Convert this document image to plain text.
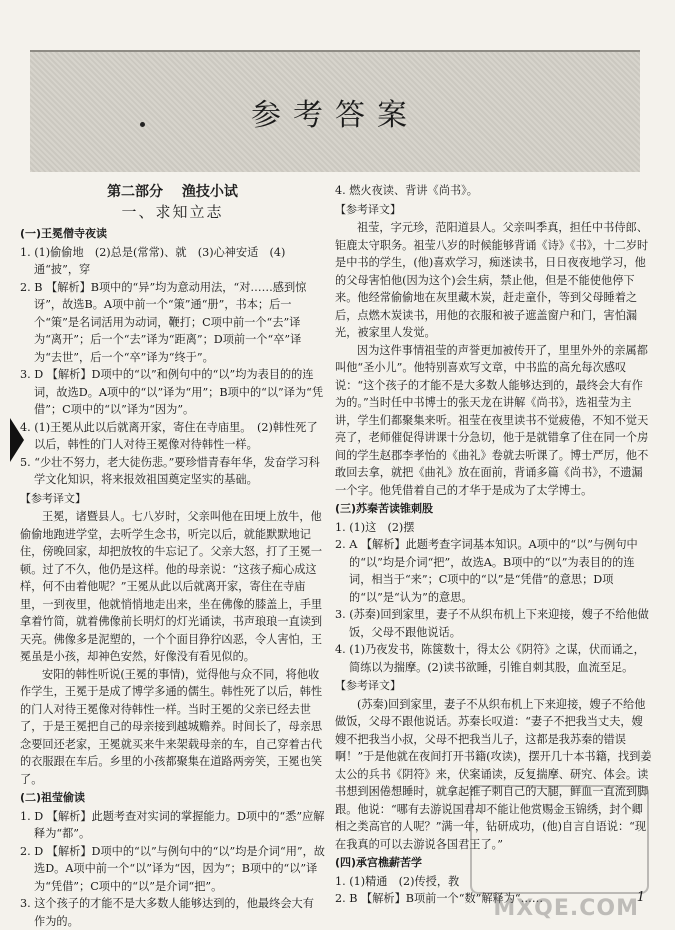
参考答案
第二部分　 渔技小试
一、求知立志
(一)王冕僧寺夜读

1. (1)偷偷地　(2)总是(常常)、就　(3)心神安适　(4)通“披”，穿

2. B 【解析】B项中的“异”均为意动用法，“对……感到惊讶”，故选B。A项中前一个“策”通“册”，书本；后一个“策”是名词活用为动词，鞭打；C项中前一个“去”译为“离开”；后一个“去”译为“距离”；D项前一个“卒”译为“去世”，后一个“卒”译为“终于”。

3. D 【解析】D项中的“以”和例句中的“以”均为表目的的连词，故选D。A项中的“以”译为“用”；B项中的“以”译为“凭借”；C项中的“以”译为“因为”。

4. (1)王冕从此以后就离开家，寄住在寺庙里。　(2)韩性死了以后，韩性的门人对待王冕像对待韩性一样。

5. “少壮不努力，老大徒伤悲。”要珍惜青春年华，发奋学习科学文化知识，将来报效祖国奠定坚实的基础。

【参考译文】

王冕，诸暨县人。七八岁时，父亲叫他在田埂上放牛，他偷偷地跑进学堂，去听学生念书，听完以后，就能默默地记住，傍晚回家，却把放牧的牛忘记了。父亲大怒，打了王冕一顿。过了不久，他仍是这样。他的母亲说：“这孩子痴心成这样，何不由着他呢？”王冕从此以后就离开家，寄住在寺庙里，一到夜里，他就悄悄地走出来，坐在佛像的膝盖上，手里拿着竹简，就着佛像前长明灯的灯光诵读，书声琅琅一直读到天亮。佛像多是泥塑的，一个个面目狰狞凶恶，令人害怕，王冕虽是小孩，却神色安然，好像没有看见似的。

安阳的韩性听说(王冕的事情)，觉得他与众不同，将他收作学生，王冕于是成了博学多通的儒生。韩性死了以后，韩性的门人对待王冕像对待韩性一样。当时王冕的父亲已经去世了，于是王冕把自己的母亲接到越城赡养。时间长了，母亲思念要回还老家，王冕就买来牛来架载母亲的车，自己穿着古代的衣服跟在车后。乡里的小孩都聚集在道路两旁笑，王冕也笑了。

(二)祖莹偷读

1. D 【解析】此题考查对实词的掌握能力。D项中的“悉”应解释为“都”。

2. D 【解析】D项中的“以”与例句中的“以”均是介词“用”，故选D。A项中前一个“以”译为“因，因为”；B项中的“以”译为“凭借”；C项中的“以”是介词“把”。

3. 这个孩子的才能不是大多数人能够达到的，他最终会大有作为的。

4. 燃火夜读、背讲《尚书》。

【参考译文】

祖莹，字元珍，范阳道县人。父亲叫季真，担任中书侍郎、钜鹿太守职务。祖莹八岁的时候能够背诵《诗》《书》，十二岁时是中书的学生，(他)喜欢学习，痴迷读书，日日夜夜地学习，他的父母害怕他(因为这个)会生病，禁止他，但是不能使他停下来。他经常偷偷地在灰里藏木炭，赶走童仆，等到父母睡着之后，点燃木炭读书，用他的衣服和被子遮盖窗户和门，害怕漏光，被家里人发觉。

因为这件事情祖莹的声誉更加被传开了，里里外外的亲属都叫他“圣小儿”。他特别喜欢写文章，中书监的高允每次感叹说：“这个孩子的才能不是大多数人能够达到的，最终会大有作为的。”当时任中书博士的张天龙在讲解《尚书》，选祖莹为主讲，学生们都聚集来听。祖莹在夜里读书不觉疲倦，不知不觉天亮了，老师催促得讲课十分急切，他于是就错拿了住在同一个房间的学生赵郡李孝怡的《曲礼》卷就去听课了。博士严厉，他不敢回去拿，就把《曲礼》放在面前，背诵多篇《尚书》，不遗漏一个字。他凭借着自己的才华于是成为了太学博士。

(三)苏秦苦读锥刺股

1. (1)这　(2)摆

2. A 【解析】此题考查字词基本知识。A项中的“以”与例句中的“以”均是介词“把”，故选A。B项中的“以”为表目的的连词，相当于“来”；C项中的“以”是“凭借”的意思；D项的“以”是“认为”的意思。

3. (苏秦)回到家里，妻子不从织布机上下来迎接，嫂子不给他做饭，父母不跟他说话。

4. (1)乃夜发书，陈箧数十，得太公《阴符》之谋，伏而诵之，简练以为揣摩。(2)读书欲睡，引锥自刺其股，血流至足。

【参考译文】

(苏秦)回到家里，妻子不从织布机上下来迎接，嫂子不给他做饭，父母不跟他说话。苏秦长叹道：“妻子不把我当丈夫，嫂嫂不把我当小叔，父母不把我当儿子，这都是我苏秦的错误啊！”于是他就在夜间打开书籍(攻读)，摆开几十本书籍，找到姜太公的兵书《阴符》来，伏案诵读，反复揣摩、研究、体会。读书想到困倦想睡时，就拿起锥子刺自己的大腿，鲜血一直流到脚跟。他说：“哪有去游说国君却不能让他赏赐金玉锦绣，封个卿相之类高官的人呢？”满一年，钻研成功，(他)自言自语说：“现在我真的可以去游说各国君王了。”

(四)承宫樵薪苦学

1. (1)精通　(2)传授，教

2. B 【解析】B项前一个“数”解释为“……

MXQE.COM
1
